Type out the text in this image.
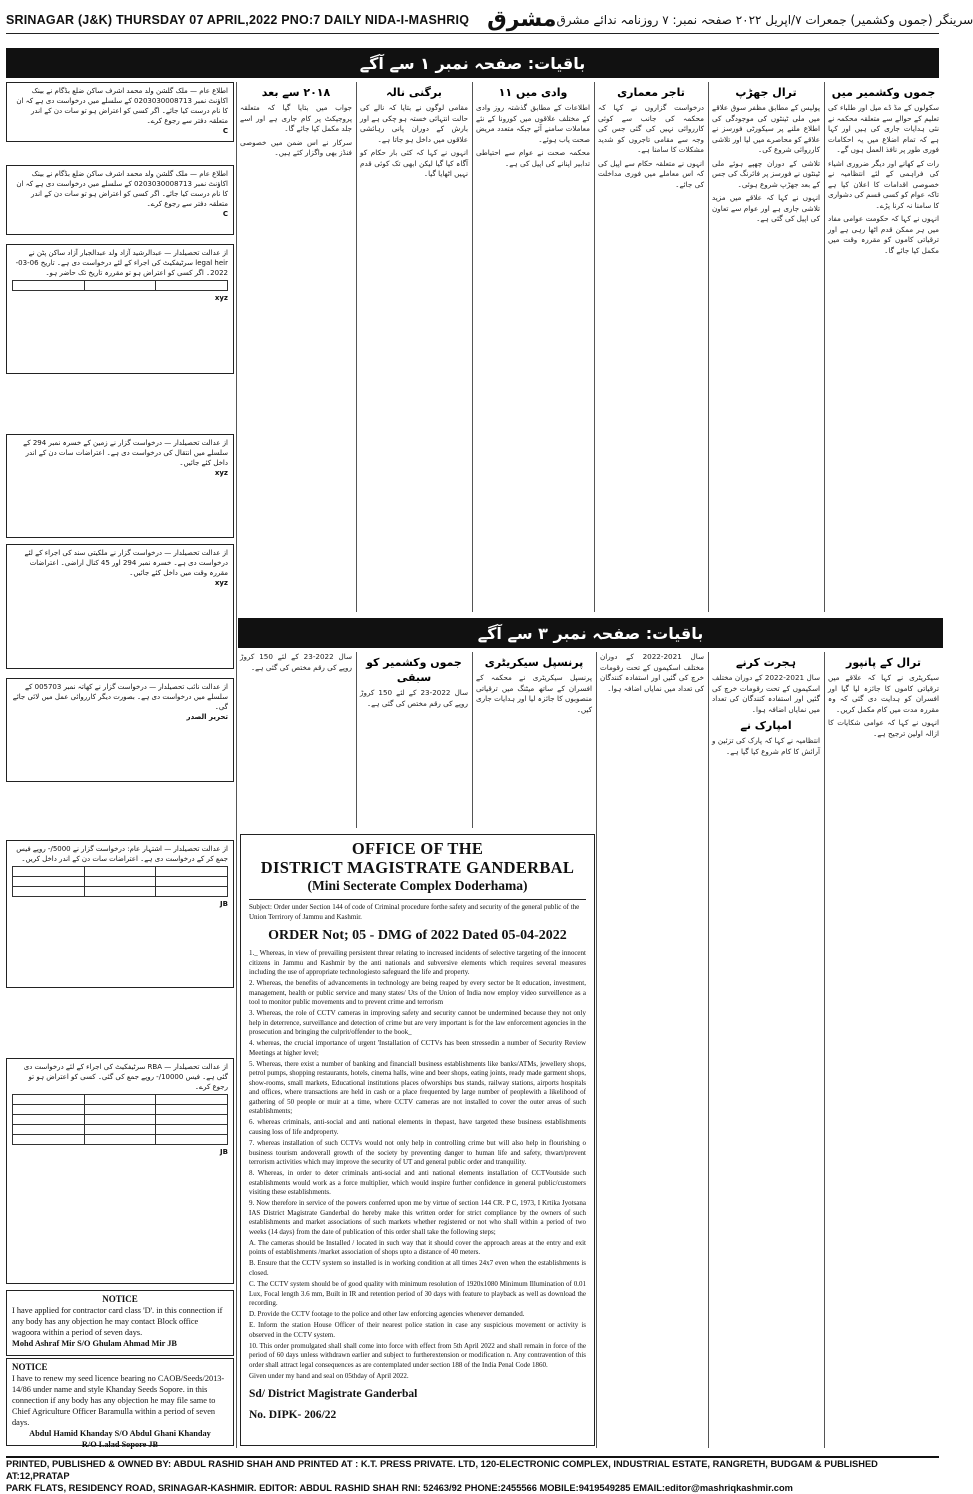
SRINAGAR (J&K) THURSDAY 07 APRIL,2022 PNO:7 DAILY NIDA-I-MASHRIQ مشرق سرینگر (جموں وکشمیر) جمعرات ۷/اپریل ۲۰۲۲ صفحہ نمبر: ۷ روزنامہ ندائے مشرق
باقیات: صفحہ نمبر ۱ سے آگے
جموں وکشمیر میں

سکولوں کے مڈ ڈے میل اور طلباء کی تعلیم کے حوالے سے متعلقہ محکمہ نے نئی ہدایات جاری کی ہیں اور کہا ہے کہ تمام اضلاع میں یہ احکامات فوری طور پر نافذ العمل ہوں گے۔

رات کے کھانے اور دیگر ضروری اشیاء کی فراہمی کے لئے انتظامیہ نے خصوصی اقدامات کا اعلان کیا ہے تاکہ عوام کو کسی قسم کی دشواری کا سامنا نہ کرنا پڑے۔

انہوں نے کہا کہ حکومت عوامی مفاد میں ہر ممکن قدم اٹھا رہی ہے اور ترقیاتی کاموں کو مقررہ وقت میں مکمل کیا جائے گا۔

ترال جھڑپ

پولیس کے مطابق مظفر سوق علاقے میں ملی ٹینٹوں کی موجودگی کی اطلاع ملنے پر سیکورٹی فورسز نے علاقے کو محاصرے میں لیا اور تلاشی کارروائی شروع کی۔

تلاشی کے دوران چھپے ہوئے ملی ٹینٹوں نے فورسز پر فائرنگ کی جس کے بعد جھڑپ شروع ہوئی۔

انہوں نے کہا کہ علاقے میں مزید تلاشی جاری ہے اور عوام سے تعاون کی اپیل کی گئی ہے۔

تاجر معماری

درخواست گزاروں نے کہا کہ محکمہ کی جانب سے کوئی کارروائی نہیں کی گئی جس کی وجہ سے مقامی تاجروں کو شدید مشکلات کا سامنا ہے۔

انہوں نے متعلقہ حکام سے اپیل کی کہ اس معاملے میں فوری مداخلت کی جائے۔

وادی میں ۱۱

اطلاعات کے مطابق گذشتہ روز وادی کے مختلف علاقوں میں کورونا کے نئے معاملات سامنے آئے جبکہ متعدد مریض صحت یاب ہوئے۔

محکمہ صحت نے عوام سے احتیاطی تدابیر اپنانے کی اپیل کی ہے۔

برگنی نالہ

مقامی لوگوں نے بتایا کہ نالے کی حالت انتہائی خستہ ہو چکی ہے اور بارش کے دوران پانی رہائشی علاقوں میں داخل ہو جاتا ہے۔

انہوں نے کہا کہ کئی بار حکام کو آگاہ کیا گیا لیکن ابھی تک کوئی قدم نہیں اٹھایا گیا۔

۲۰۱۸ سے بعد

جواب میں بتایا گیا کہ متعلقہ پروجیکٹ پر کام جاری ہے اور اسے جلد مکمل کیا جائے گا۔

سرکار نے اس ضمن میں خصوصی فنڈز بھی واگزار کئے ہیں۔

اطلاع عام — ملک گلشن ولد محمد اشرف ساکن ضلع بڈگام نے بینک اکاؤنٹ نمبر 0203030008713 کے سلسلے میں درخواست دی ہے کہ ان کا نام درست کیا جائے۔ اگر کسی کو اعتراض ہو تو سات دن کے اندر متعلقہ دفتر سے رجوع کرے۔
C
اطلاع عام — ملک گلشن ولد محمد اشرف ساکن ضلع بڈگام نے بینک اکاؤنٹ نمبر 0203030008713 کے سلسلے میں درخواست دی ہے کہ ان کا نام درست کیا جائے۔ اگر کسی کو اعتراض ہو تو سات دن کے اندر متعلقہ دفتر سے رجوع کرے۔
C
از عدالت تحصیلدار — عبدالرشید آزاد ولد عبدالجبار آزاد ساکن پٹن نے legal heir سرٹیفکیٹ کی اجراء کے لئے درخواست دی ہے۔ تاریخ 06-03-2022۔ اگر کسی کو اعتراض ہو تو مقررہ تاریخ تک حاضر ہو۔

xyz
از عدالت تحصیلدار — درخواست گزار نے زمین کے خسرہ نمبر 294 کے سلسلے میں انتقال کی درخواست دی ہے۔ اعتراضات سات دن کے اندر داخل کئے جائیں۔
xyz
از عدالت تحصیلدار — درخواست گزار نے ملکیتی سند کی اجراء کے لئے درخواست دی ہے۔ خسرہ نمبر 294 اور 45 کنال اراضی۔ اعتراضات مقررہ وقت میں داخل کئے جائیں۔
xyz
از عدالت نائب تحصیلدار — درخواست گزار نے کھاتہ نمبر 005703 کے سلسلے میں درخواست دی ہے۔ بصورت دیگر کارروائی عمل میں لائی جائے گی۔
تحریر الصدر
از عدالت تحصیلدار — اشتہار عام: درخواست گزار نے 5000/- روپے فیس جمع کر کے درخواست دی ہے۔ اعتراضات سات دن کے اندر داخل کریں۔

JB
از عدالت تحصیلدار — RBA سرٹیفکیٹ کی اجراء کے لئے درخواست دی گئی ہے۔ فیس 10000/- روپے جمع کی گئی۔ کسی کو اعتراض ہو تو رجوع کرے۔

JB
باقیات: صفحہ نمبر ۳ سے آگے
ترال کے پانپور

سیکریٹری نے کہا کہ علاقے میں ترقیاتی کاموں کا جائزہ لیا گیا اور افسران کو ہدایت دی گئی کہ وہ مقررہ مدت میں کام مکمل کریں۔

انہوں نے کہا کہ عوامی شکایات کا ازالہ اولین ترجیح ہے۔

ہجرت کرنے

سال 2021-2022 کے دوران مختلف اسکیموں کے تحت رقومات خرچ کی گئیں اور استفادہ کنندگان کی تعداد میں نمایاں اضافہ ہوا۔

امپارک نے

انتظامیہ نے کہا کہ پارک کی تزئین و آرائش کا کام شروع کیا گیا ہے۔

سال 2021-2022 کے دوران مختلف اسکیموں کے تحت رقومات خرچ کی گئیں اور استفادہ کنندگان کی تعداد میں نمایاں اضافہ ہوا۔

پرنسپل سیکریٹری

پرنسپل سیکریٹری نے محکمہ کے افسران کے ساتھ میٹنگ میں ترقیاتی منصوبوں کا جائزہ لیا اور ہدایات جاری کیں۔

جموں وکشمیر کو سبقی

سال 2022-23 کے لئے 150 کروڑ روپے کی رقم مختص کی گئی ہے۔

سال 2022-23 کے لئے 150 کروڑ روپے کی رقم مختص کی گئی ہے۔

OFFICE OF THE
DISTRICT MAGISTRATE GANDERBAL
(Mini Secterate Complex Doderhama)
Subject: Order under Section 144 of code of Criminal procedure forthe safety and security of the general public of the Union Terrirory of Jammu and Kashmir.
ORDER Not; 05 - DMG of 2022 Dated 05-04-2022

1._ Whereas, in view of prevailing persistent threar relating to increased incidents of selective targeting of the innocent citizens in Jammu and Kashmir by the anti nationals and subversive elements which requires several measures including the use of appropriate technologiesto safeguard the life and property.

2. Whereas, the benefits of advancements in technology are being reaped by every sector be It education, investment, management, health or public service and many states/ Uts of the Union of India now employ video surveillence as a tool to monitor public movements and to prevent crime and terrorism

3. Whereas, the role of CCTV cameras in improving safety and security cannot be undermined because they not only help in deterrence, surveillance and detection of crime but are very important is for the law enforcement agencies in the prosecution and bringing the culprit/offender to the book_

4. whereas, the crucial importance of urgent 'Installation of CCTVs has been stressedin a number of Security Review Meetings at higher level;

5. Whereas, there exist a number of banking and financiall business establishments like banks/ATMs, jewellery shops, petrol pumps, shopping restaurants, hotels, cinema halls, wine and beer shops, eating joints, ready made garment shops, show-rooms, small markets, Educational institutions places ofworships bus stands, railway stations, airports hospitals and offices, where transactions are held in cash or a place frequented by large number of peoplewith a likelihood of gathering of 50 people or muir at a time, where CCTV cameras are not installed to cover the outer areas of such establishments;

6. whereas criminals, anti-social and anti national elements in thepast, have targeted these business establishments causing loss of life andproperty.

7. whereas installation of such CCTVs would not only help in controlling crime but will also help in flourishing o business tourism andoverall growth of the society by preventing danger to human life and safety, thwart/prevent terrorism activities which may improve the security of UT and general public order and tranquility.

8. Whereas, in order to deter criminals anti-social and anti national elements installation of CCTVoutside such establishments would work as a force multiplier, which would inspire further confidence in general public/customers visiting these establishments.

9. Now therefore in service of the powers conferred upon me by virtue of section 144 CR. P C, 1973, I Krtika Jyotsana IAS District Magistrate Ganderbal do hereby make this written order for strict compliance by the owners of such establishments and market associations of such markets whether registered or not who shall within a period of two weeks (14 days) from the date of publication of this order shall take the following steps;

A. The cameras should be Installed / located in such way that it should cover the approach areas at the entry and exit points of establishments /market association of shops upto a distance of 40 meters.

B. Ensure that the CCTV system so installed is in working condition at all times 24x7 even when the establishments is closed.

C. The CCTV system should be of good quality with minimum resolution of 1920x1080 Minimum Illumination of 0.01 Lux, Focal length 3.6 mm, Built in IR and retention period of 30 days with feature to playback as well as download the recording.

D. Provide the CCTV footage to the police and other law enforcing agencies whenever demanded.

E. Inform the station House Officer of their nearest police station in case any suspicious movement or activity is observed in the CCTV system.

10. This order promulgated shall shall come into force with effect from 5th April 2022 and shall remain in force of the period of 60 days unless withdrawn earlier and subject to furtherextension or modification n. Any contravention of this order shall attract legal consequences as are contemplated under section 188 of the India Penal Code 1860.

Given under my hand and seal on 05thday of April 2022.

Sd/ District Magistrate Ganderbal
No. DIPK- 206/22
NOTICE
I have applied for contractor card class 'D'. in this connection if any body has any objection he may contact Block office wagoora within a period of seven days.
Mohd Ashraf Mir S/O Ghulam Ahmad Mir JB
NOTICE
I have to renew my seed licence bearing no CAOB/Seeds/2013-14/86 under name and style Khanday Seeds Sopore. in this connection if any body has any objection he may file same to Chief Agriculture Officer Baramulla within a period of seven days.
Abdul Hamid Khanday S/O Abdul Ghani Khanday
R/O Lalad Sopore JB
PRINTED, PUBLISHED & OWNED BY: ABDUL RASHID SHAH AND PRINTED AT : K.T. PRESS PRIVATE. LTD, 120-ELECTRONIC COMPLEX, INDUSTRIAL ESTATE, RANGRETH, BUDGAM & PUBLISHED AT:12,PRATAP
PARK FLATS, RESIDENCY ROAD, SRINAGAR-KASHMIR. EDITOR: ABDUL RASHID SHAH RNI: 52463/92 PHONE:2455566 MOBILE:9419549285 EMAIL:editor@mashriqkashmir.com
